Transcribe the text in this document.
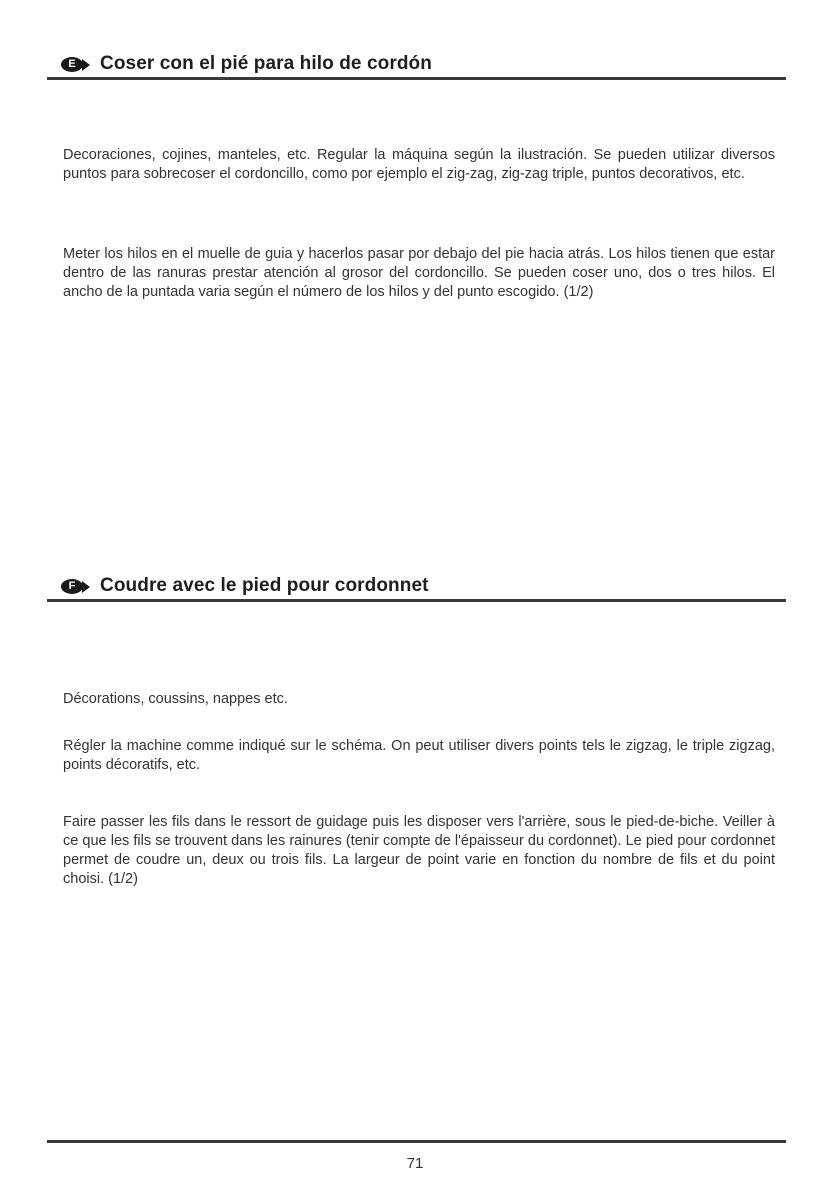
E	Coser con el pié para hilo de cordón

Decoraciones, cojines, manteles, etc. Regular la máquina según la ilustración. Se pueden utilizar diversos puntos para sobrecoser el cordoncillo, como por ejemplo el zig-zag, zig-zag triple, puntos decorativos, etc.

Meter los hilos en el muelle de guia y hacerlos pasar por debajo del pie hacia atrás. Los hilos tienen que estar dentro de las ranuras prestar atención al grosor del cordoncillo. Se pueden coser uno, dos o tres hilos. El ancho de la puntada varia según el número de los hilos y del punto escogido. (1/2)

F	Coudre avec le pied pour cordonnet

Décorations, coussins, nappes etc.

Régler la machine comme indiqué sur le schéma. On peut utiliser divers points tels le zigzag, le triple zigzag, points décoratifs, etc.

Faire passer les fils dans le ressort de guidage puis les disposer vers l'arrière, sous le pied-de-biche. Veiller à ce que les fils se trouvent dans les rainures (tenir compte de l'épaisseur du cordonnet). Le pied pour cordonnet permet de coudre un, deux ou trois fils. La largeur de point varie en fonction du nombre de fils et du point choisi. (1/2)

71
